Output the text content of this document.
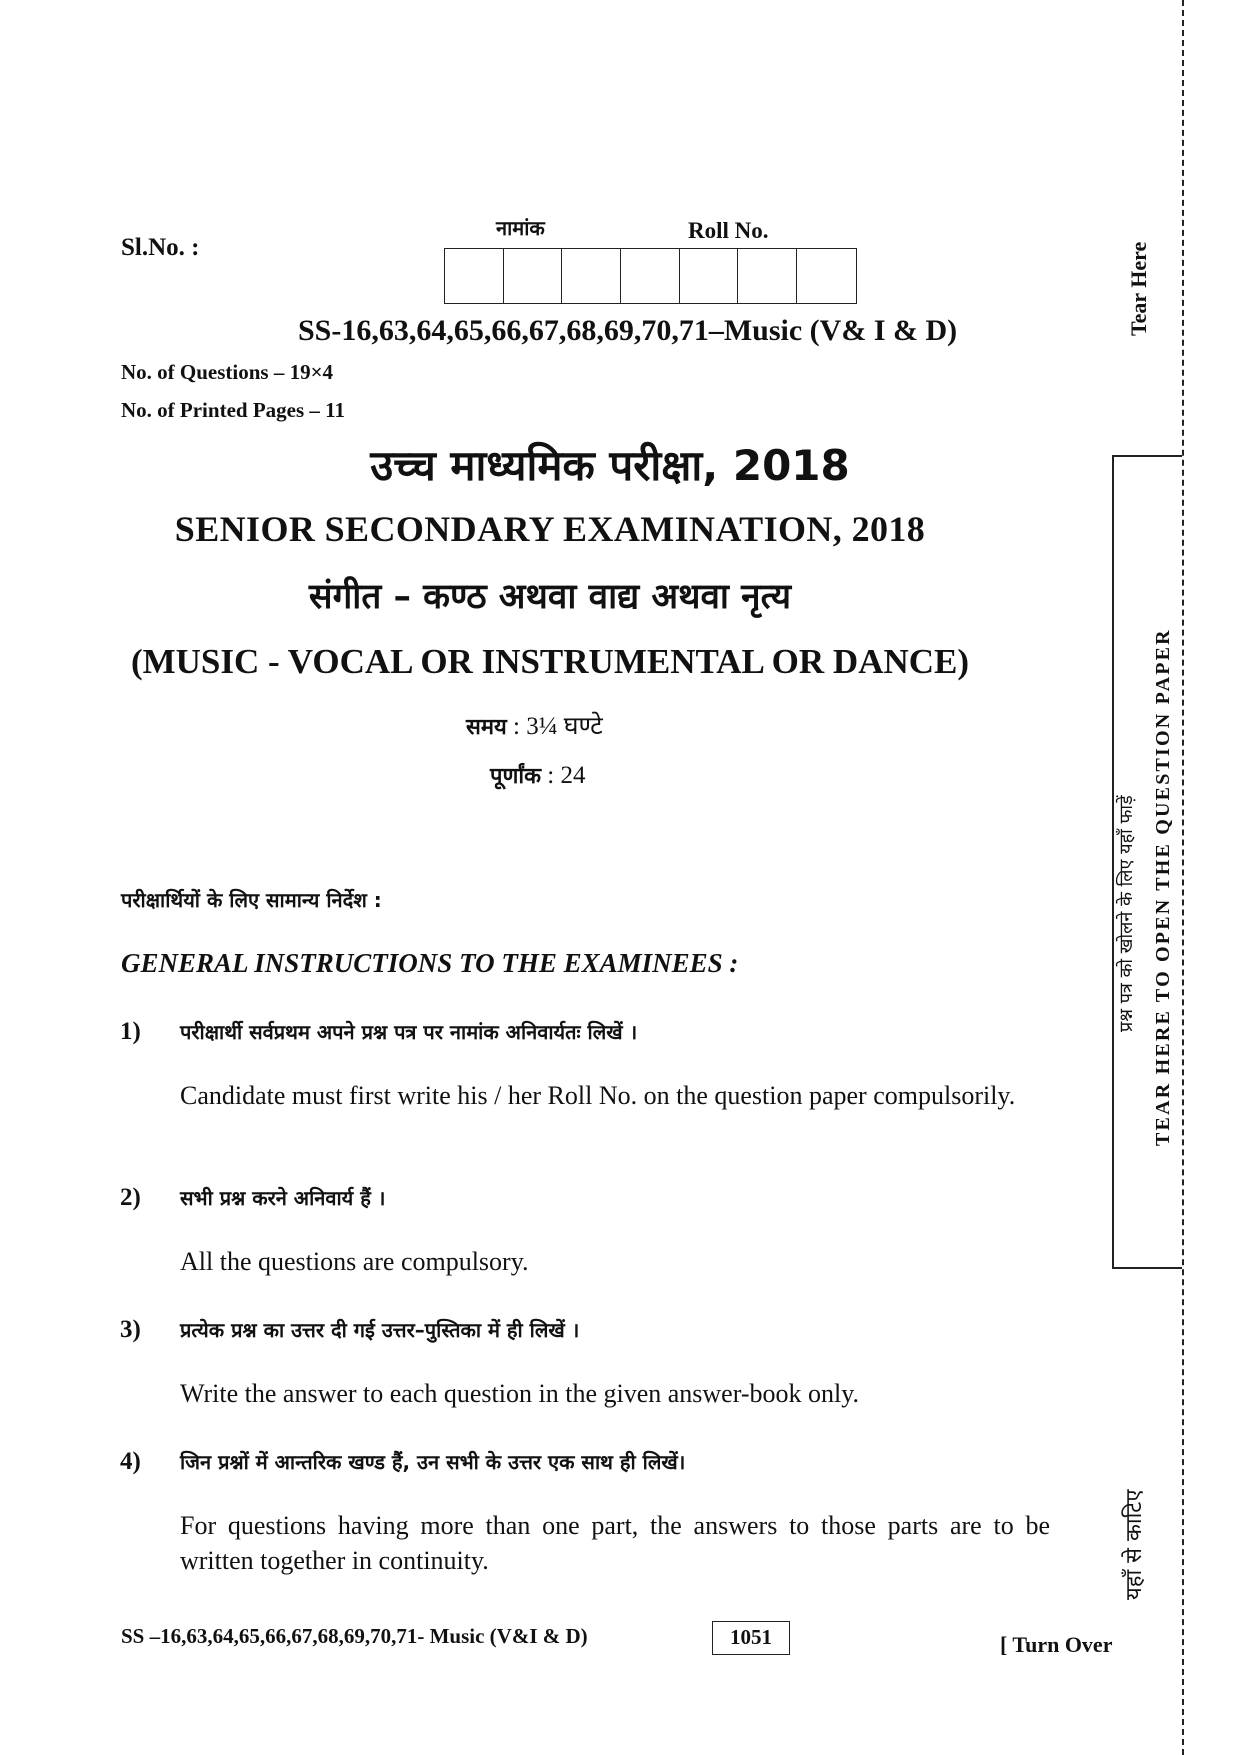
Tear Here
TEAR HERE TO OPEN THE QUESTION PAPER
प्रश्न पत्र को खोलने के लिए यहाँ फाड़ें
यहाँ से काटिए
Sl.No. :
नामांक	Roll No.
SS-16,63,64,65,66,67,68,69,70,71–Music (V& I & D)
No. of Questions – 19×4
No. of Printed Pages – 11
उच्च माध्यमिक परीक्षा, 2018
SENIOR SECONDARY EXAMINATION, 2018
संगीत – कण्ठ अथवा वाद्य अथवा नृत्य
(MUSIC - VOCAL OR INSTRUMENTAL OR DANCE)
समय : 3¼ घण्टे
पूर्णांक : 24
परीक्षार्थियों के लिए सामान्य निर्देश :
GENERAL INSTRUCTIONS TO THE EXAMINEES :
1) परीक्षार्थी सर्वप्रथम अपने प्रश्न पत्र पर नामांक अनिवार्यतः लिखें ।
Candidate must first write his / her Roll No. on the question paper compulsorily.
2) सभी प्रश्न करने अनिवार्य हैं ।
All the questions are compulsory.
3) प्रत्येक प्रश्न का उत्तर दी गई उत्तर–पुस्तिका में ही लिखें ।
Write the answer to each question in the given answer-book only.
4) जिन प्रश्नों में आन्तरिक खण्ड हैं, उन सभी के उत्तर एक साथ ही लिखें।
For questions having more than one part, the answers to those parts are to be written together in continuity.
SS –16,63,64,65,66,67,68,69,70,71- Music (V&I & D)	1051	[ Turn Over
